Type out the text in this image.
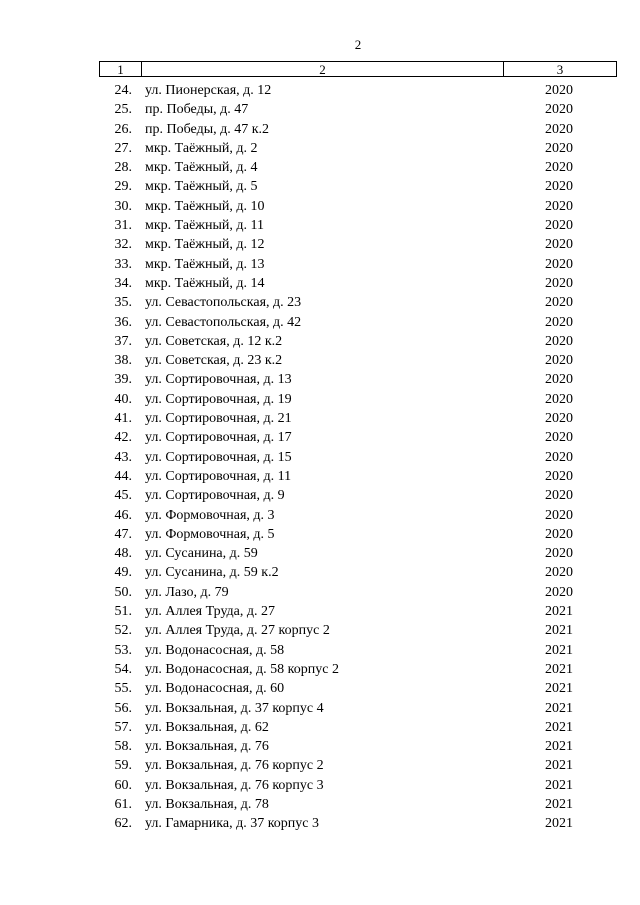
2
1	2	3
24. ул. Пионерская, д. 12	2020
25. пр. Победы, д. 47	2020
26. пр. Победы, д. 47 к.2	2020
27. мкр. Таёжный, д. 2	2020
28. мкр. Таёжный, д. 4	2020
29. мкр. Таёжный, д. 5	2020
30. мкр. Таёжный, д. 10	2020
31. мкр. Таёжный, д. 11	2020
32. мкр. Таёжный, д. 12	2020
33. мкр. Таёжный, д. 13	2020
34. мкр. Таёжный, д. 14	2020
35. ул. Севастопольская, д. 23	2020
36. ул. Севастопольская, д. 42	2020
37. ул. Советская, д. 12 к.2	2020
38. ул. Советская, д. 23 к.2	2020
39. ул. Сортировочная, д. 13	2020
40. ул. Сортировочная, д. 19	2020
41. ул. Сортировочная, д. 21	2020
42. ул. Сортировочная, д. 17	2020
43. ул. Сортировочная, д. 15	2020
44. ул. Сортировочная, д. 11	2020
45. ул. Сортировочная, д. 9	2020
46. ул. Формовочная, д. 3	2020
47. ул. Формовочная, д. 5	2020
48. ул. Сусанина, д. 59	2020
49. ул. Сусанина, д. 59 к.2	2020
50. ул. Лазо, д. 79	2020
51. ул. Аллея Труда, д. 27	2021
52. ул. Аллея Труда, д. 27 корпус 2	2021
53. ул. Водонасосная, д. 58	2021
54. ул. Водонасосная, д. 58 корпус 2	2021
55. ул. Водонасосная, д. 60	2021
56. ул. Вокзальная, д. 37 корпус 4	2021
57. ул. Вокзальная, д. 62	2021
58. ул. Вокзальная, д. 76	2021
59. ул. Вокзальная, д. 76 корпус 2	2021
60. ул. Вокзальная, д. 76 корпус 3	2021
61. ул. Вокзальная, д. 78	2021
62. ул. Гамарника, д. 37 корпус 3	2021
